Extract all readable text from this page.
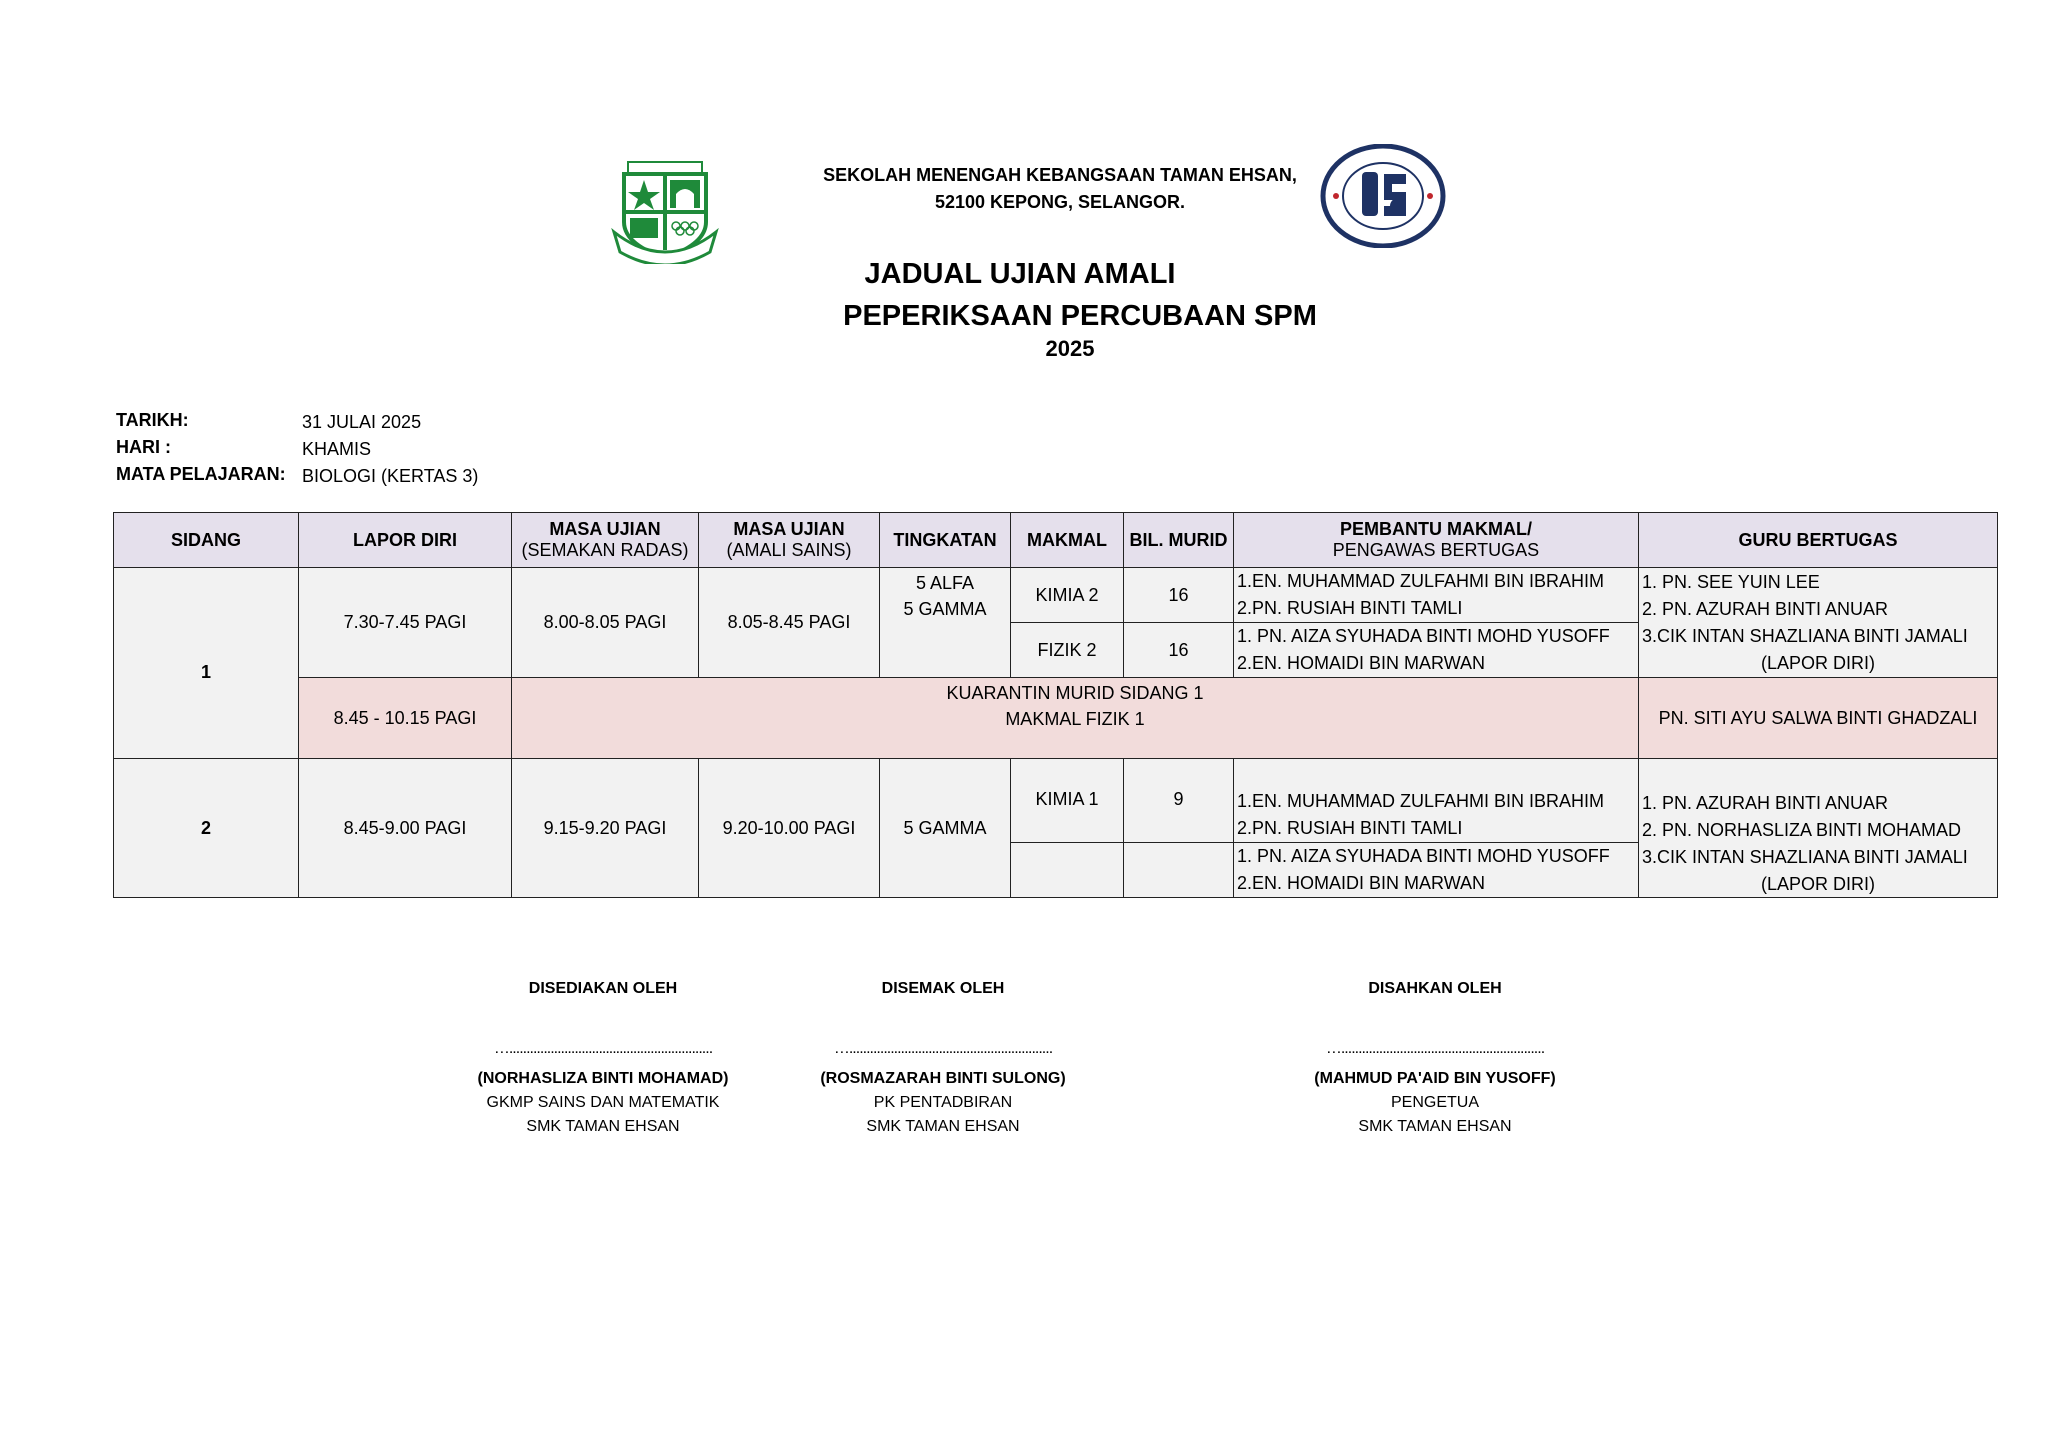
SEKOLAH MENENGAH KEBANGSAAN TAMAN EHSAN,
52100 KEPONG, SELANGOR.
JADUAL UJIAN AMALI
PEPERIKSAAN PERCUBAAN SPM
2025
TARIKH:	31 JULAI 2025
HARI :	KHAMIS
MATA PELAJARAN: BIOLOGI (KERTAS 3)
SIDANG	LAPOR DIRI	MASA UJIAN
(SEMAKAN RADAS)	MASA UJIAN
(AMALI SAINS)	TINGKATAN	MAKMAL	BIL. MURID	PEMBANTU MAKMAL/
PENGAWAS BERTUGAS	GURU BERTUGAS

1	7.30-7.45 PAGI	8.00-8.05 PAGI	8.05-8.45 PAGI	5 ALFA
5 GAMMA	KIMIA 2	16	1.EN. MUHAMMAD ZULFAHMI BIN IBRAHIM
2.PN. RUSIAH BINTI TAMLI	1. PN. SEE YUIN LEE
2. PN. AZURAH BINTI ANUAR
3.CIK INTAN SHAZLIANA BINTI JAMALI
(LAPOR DIRI)

					FIZIK 2	16	1. PN. AIZA SYUHADA BINTI MOHD YUSOFF
2.EN. HOMAIDI BIN MARWAN	

	8.45 - 10.15 PAGI	KUARANTIN MURID SIDANG 1
MAKMAL FIZIK 1						PN. SITI AYU SALWA BINTI GHADZALI
2	8.45-9.00 PAGI	9.15-9.20 PAGI	9.20-10.00 PAGI	5 GAMMA	KIMIA 1	9	1.EN. MUHAMMAD ZULFAHMI BIN IBRAHIM
2.PN. RUSIAH BINTI TAMLI	1. PN. AZURAH BINTI ANUAR
2. PN. NORHASLIZA BINTI MOHAMAD
3.CIK INTAN SHAZLIANA BINTI JAMALI
(LAPOR DIRI)

							1. PN. AIZA SYUHADA BINTI MOHD YUSOFF
2.EN. HOMAIDI BIN MARWAN	
DISEDIAKAN OLEH
…...........................................................
(NORHASLIZA BINTI MOHAMAD)
GKMP SAINS DAN MATEMATIK
SMK TAMAN EHSAN
DISEMAK OLEH
…...........................................................
(ROSMAZARAH BINTI SULONG)
PK PENTADBIRAN
SMK TAMAN EHSAN
DISAHKAN OLEH
…...........................................................
(MAHMUD PA'AID BIN YUSOFF)
PENGETUA
SMK TAMAN EHSAN
